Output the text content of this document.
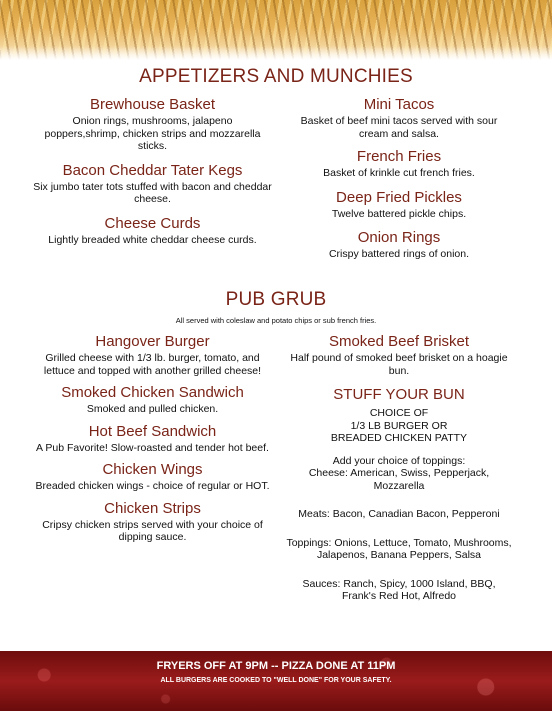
APPETIZERS AND MUNCHIES
Brewhouse Basket

Onion rings, mushrooms, jalapeno poppers,shrimp, chicken strips and mozzarella sticks.

Bacon Cheddar Tater Kegs

Six jumbo tater tots stuffed with bacon and cheddar cheese.

Cheese Curds

Lightly breaded white cheddar cheese curds.

Mini Tacos

Basket of beef mini tacos served with sour cream and salsa.

French Fries

Basket of krinkle cut french fries.

Deep Fried Pickles

Twelve battered pickle chips.

Onion Rings

Crispy battered rings of onion.

PUB GRUB
All served with coleslaw and potato chips or sub french fries.
Hangover Burger

Grilled cheese with 1/3 lb. burger, tomato, and lettuce and topped with another grilled cheese!

Smoked Chicken Sandwich

Smoked and pulled chicken.

Hot Beef Sandwich

A Pub Favorite! Slow-roasted and tender hot beef.

Chicken Wings

Breaded chicken wings - choice of regular or HOT.

Chicken Strips

Cripsy chicken strips served with your choice of dipping sauce.

Smoked Beef Brisket

Half pound of smoked beef brisket on a hoagie bun.

STUFF YOUR BUN

CHOICE OF

1/3 LB BURGER OR

BREADED CHICKEN PATTY

Add your choice of toppings:

Cheese: American, Swiss, Pepperjack, Mozzarella

Meats: Bacon, Canadian Bacon, Pepperoni

Toppings: Onions, Lettuce, Tomato, Mushrooms, Jalapenos, Banana Peppers, Salsa

Sauces: Ranch, Spicy, 1000 Island, BBQ, Frank's Red Hot, Alfredo

FRYERS OFF AT 9PM -- PIZZA DONE AT 11PM
ALL BURGERS ARE COOKED TO "WELL DONE" FOR YOUR SAFETY.
